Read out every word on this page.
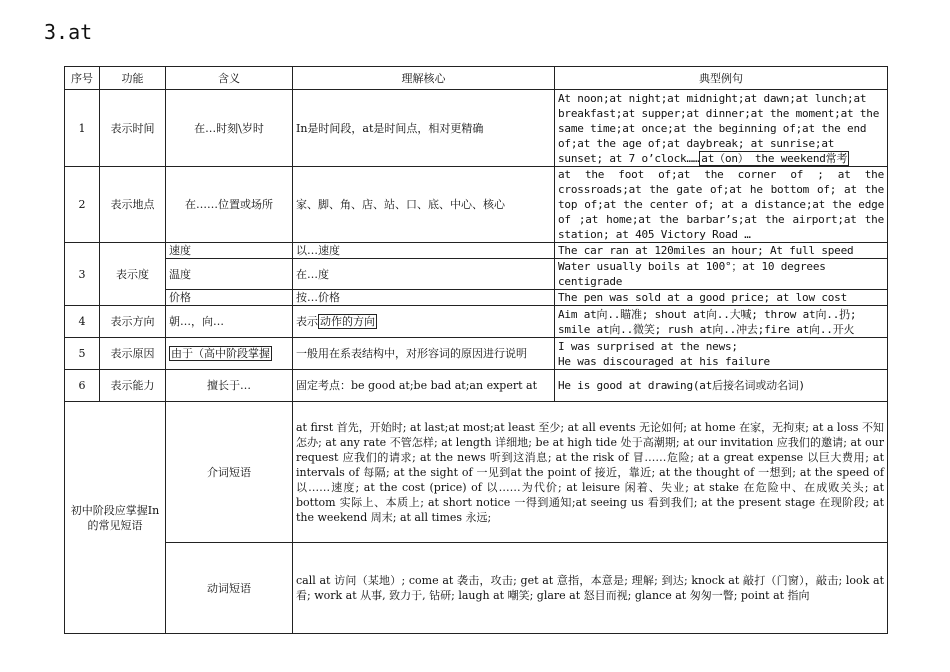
3.at
序号	功能	含义	理解核心	典型例句
1	表示时间	在…时刻\岁时	In是时间段，at是时间点，相对更精确	At noon;at night;at midnight;at dawn;at lunch;at breakfast;at supper;at dinner;at the moment;at the same time;at once;at the beginning of;at the end of;at the age of;at daybreak; at sunrise;at sunset; at 7 o’clock…… at（on） the weekend常考
2	表示地点	在……位置或场所	家、脚、角、店、站、口、底、中心、核心	at the foot of;at the corner of ; at the crossroads;at the gate of;at he bottom of; at the top of;at the center of; at a distance;at the edge of ;at home;at the barbar’s;at the airport;at the station; at 405 Victory Road …
3	表示度	速度	以…速度	The car ran at 120miles an hour; At full speed
		温度	在…度	Water usually boils at 100°；at 10 degrees centigrade
		价格	按…价格	The pen was sold at a good price; at low cost
4	表示方向	朝…，向…	表示 动作的方向	Aim at向..瞄准; shout at向..大喊; throw at向..扔; smile at向..微笑; rush at向..冲去;fire at向..开火
5	表示原因	由于（高中阶段掌握	一般用在系表结构中，对形容词的原因进行说明	I was surprised at the news;
He was discouraged at his failure
6	表示能力	擅长于…	固定考点：be good at;be bad at;an expert at	He is good at drawing(at后接名词或动名词)
初中阶段应掌握In的常见短语		介词短语	at first 首先，开始时; at last;at most;at least 至少; at all events 无论如何; at home 在家，无拘束; at a loss 不知怎办; at any rate 不管怎样; at length 详细地; be at high tide 处于高潮期; at our invitation 应我们的邀请; at our request 应我们的请求; at the news 听到这消息; at the risk of 冒……危险; at a great expense 以巨大费用; at intervals of 每隔; at the sight of 一见到at the point of 接近，靠近; at the thought of 一想到; at the speed of 以……速度; at the cost (price) of 以……为代价; at leisure 闲着、失业; at stake 在危险中、在成败关头; at bottom 实际上、本质上; at short notice 一得到通知;at seeing us 看到我们; at the present stage 在现阶段; at the weekend 周末; at all times 永远;	
		动词短语	call at 访问（某地）; come at 袭击，攻击; get at 意指，本意是; 理解; 到达; knock at 敲打（门窗），敲击; look at 看; work at 从事, 致力于, 钻研; laugh at 嘲笑; glare at 怒目而视; glance at 匆匆一瞥; point at 指向	
